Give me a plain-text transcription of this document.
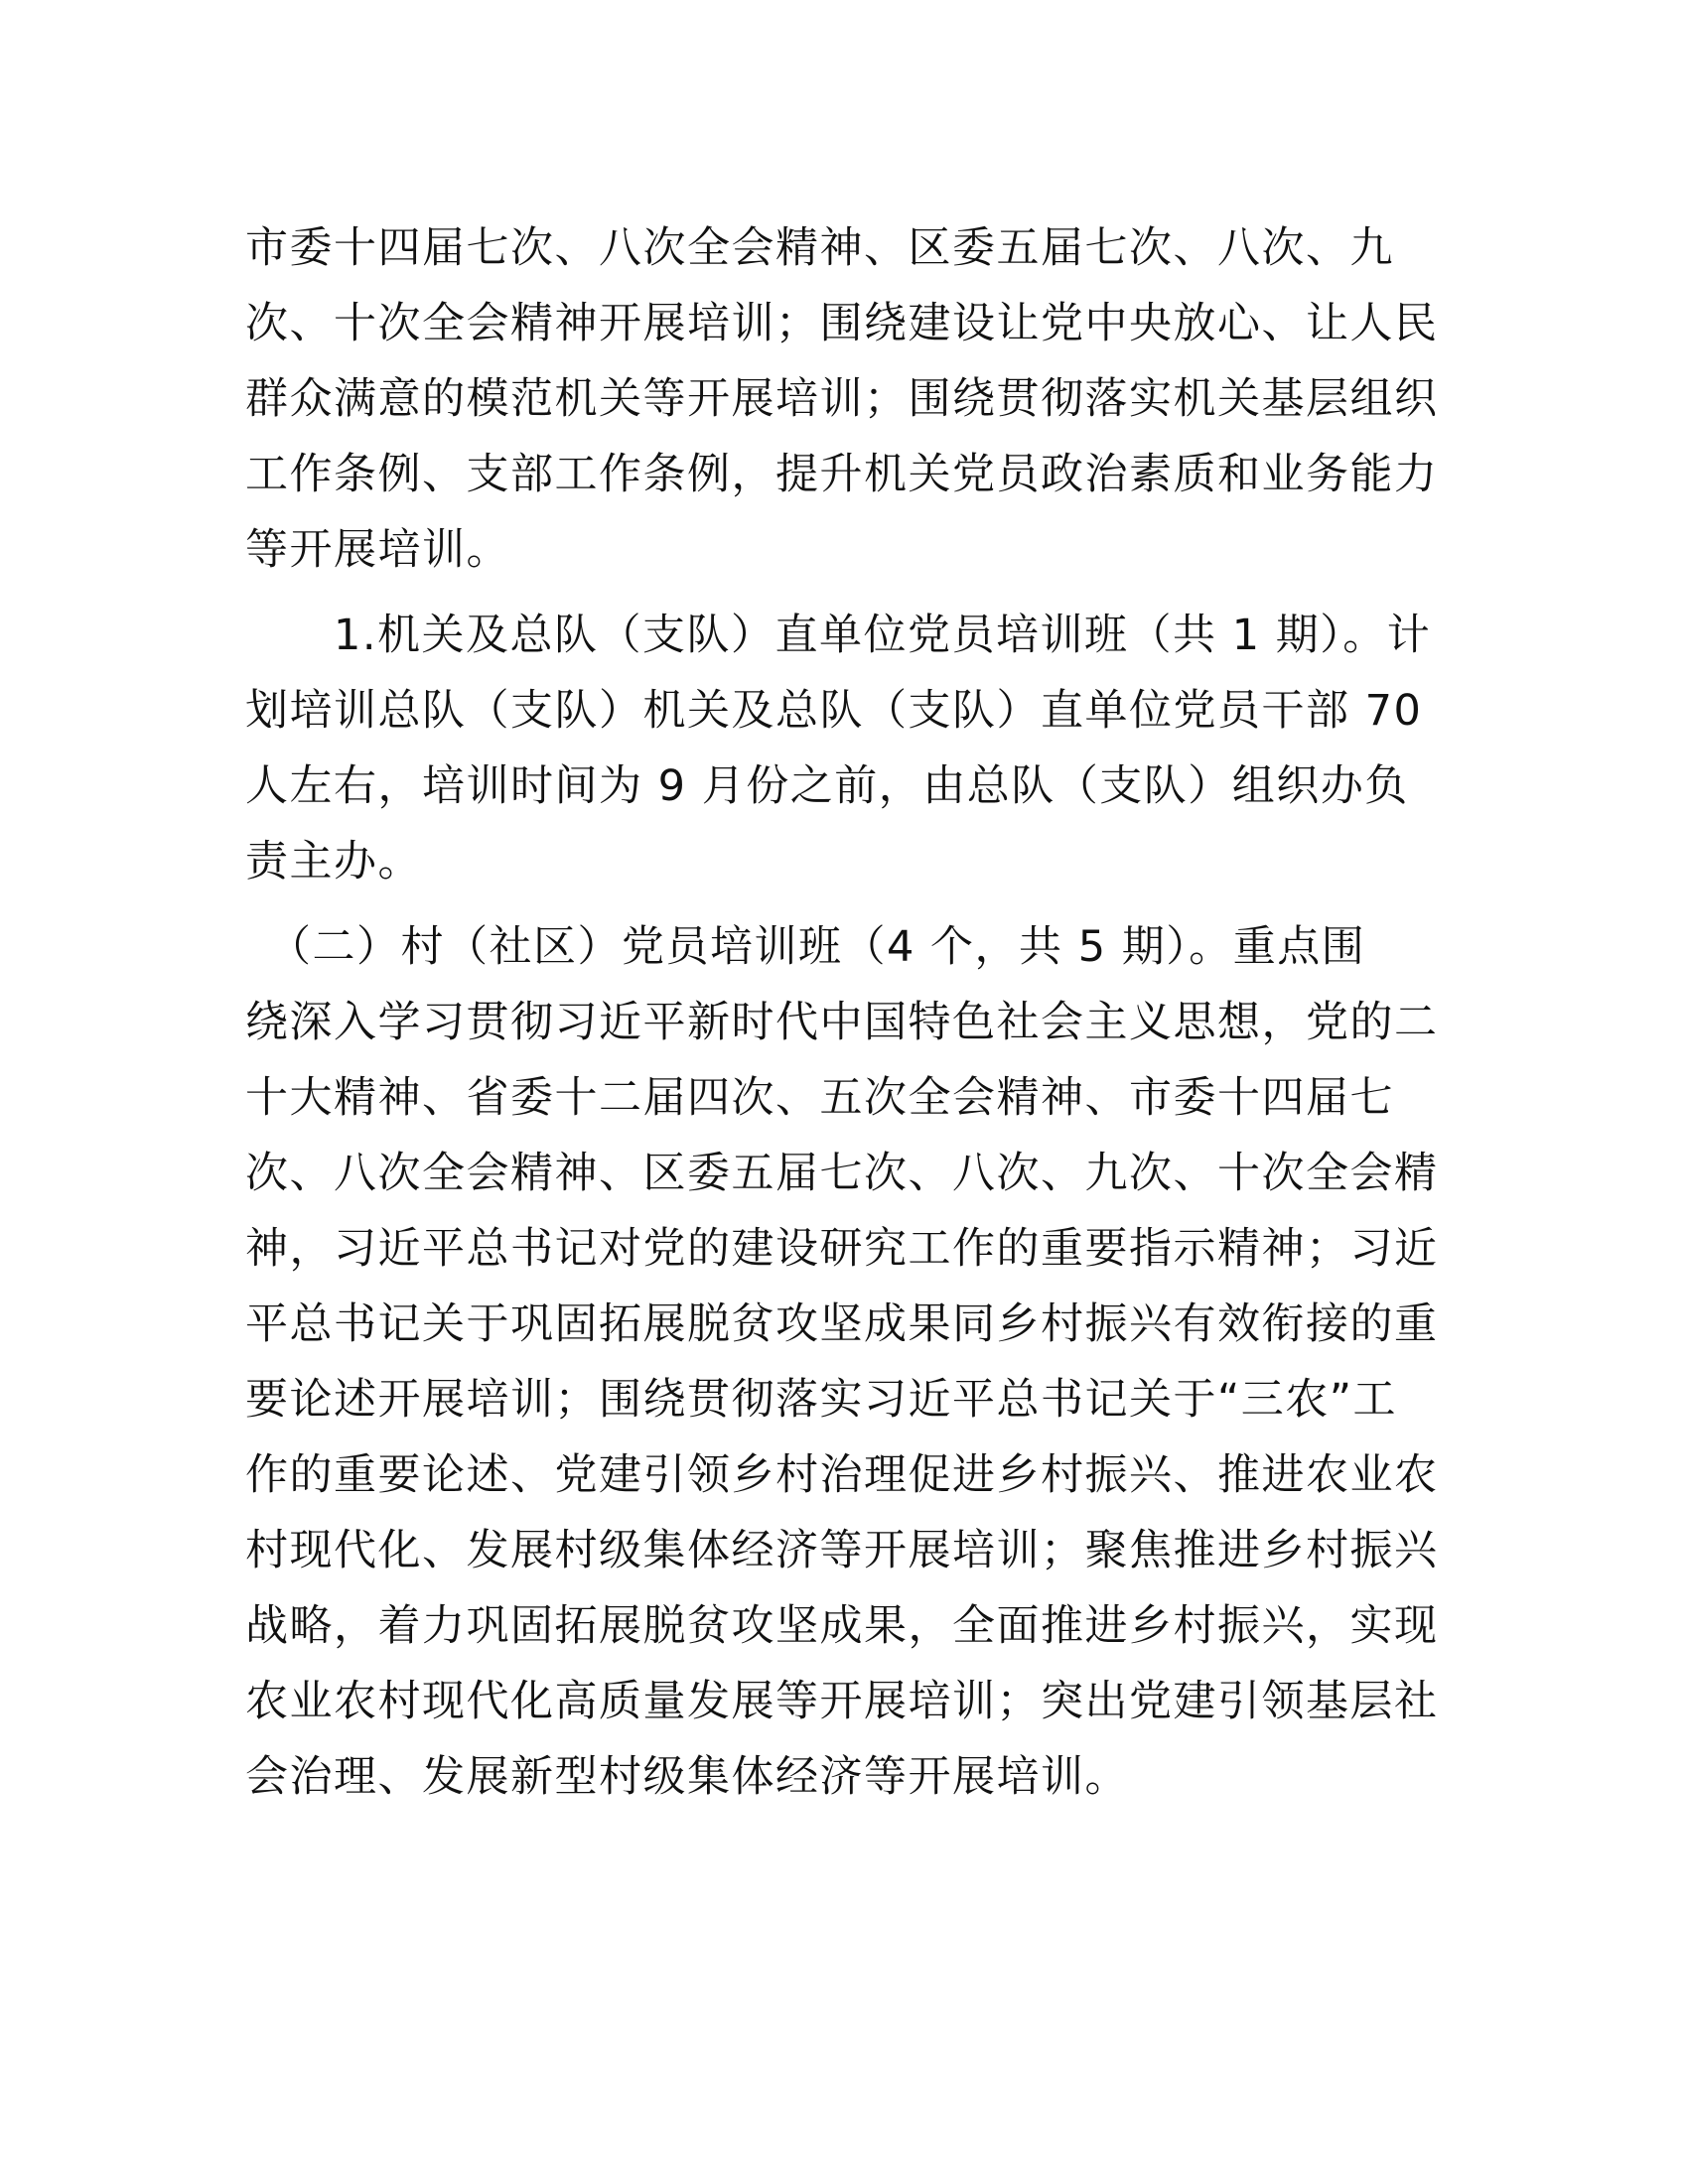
市委十四届七次、八次全会精神、区委五届七次、八次、九
次、十次全会精神开展培训；围绕建设让党中央放心、让人民
群众满意的模范机关等开展培训；围绕贯彻落实机关基层组织
工作条例、支部工作条例，提升机关党员政治素质和业务能力
等开展培训。
　　1.机关及总队（支队）直单位党员培训班（共 1 期）。计
划培训总队（支队）机关及总队（支队）直单位党员干部 70
人左右，培训时间为 9 月份之前，由总队（支队）组织办负
责主办。
　（二）村（社区）党员培训班（4 个，共 5 期）。重点围
绕深入学习贯彻习近平新时代中国特色社会主义思想，党的二
十大精神、省委十二届四次、五次全会精神、市委十四届七
次、八次全会精神、区委五届七次、八次、九次、十次全会精
神，习近平总书记对党的建设研究工作的重要指示精神；习近
平总书记关于巩固拓展脱贫攻坚成果同乡村振兴有效衔接的重
要论述开展培训；围绕贯彻落实习近平总书记关于“三农”工
作的重要论述、党建引领乡村治理促进乡村振兴、推进农业农
村现代化、发展村级集体经济等开展培训；聚焦推进乡村振兴
战略，着力巩固拓展脱贫攻坚成果，全面推进乡村振兴，实现
农业农村现代化高质量发展等开展培训；突出党建引领基层社
会治理、发展新型村级集体经济等开展培训。
